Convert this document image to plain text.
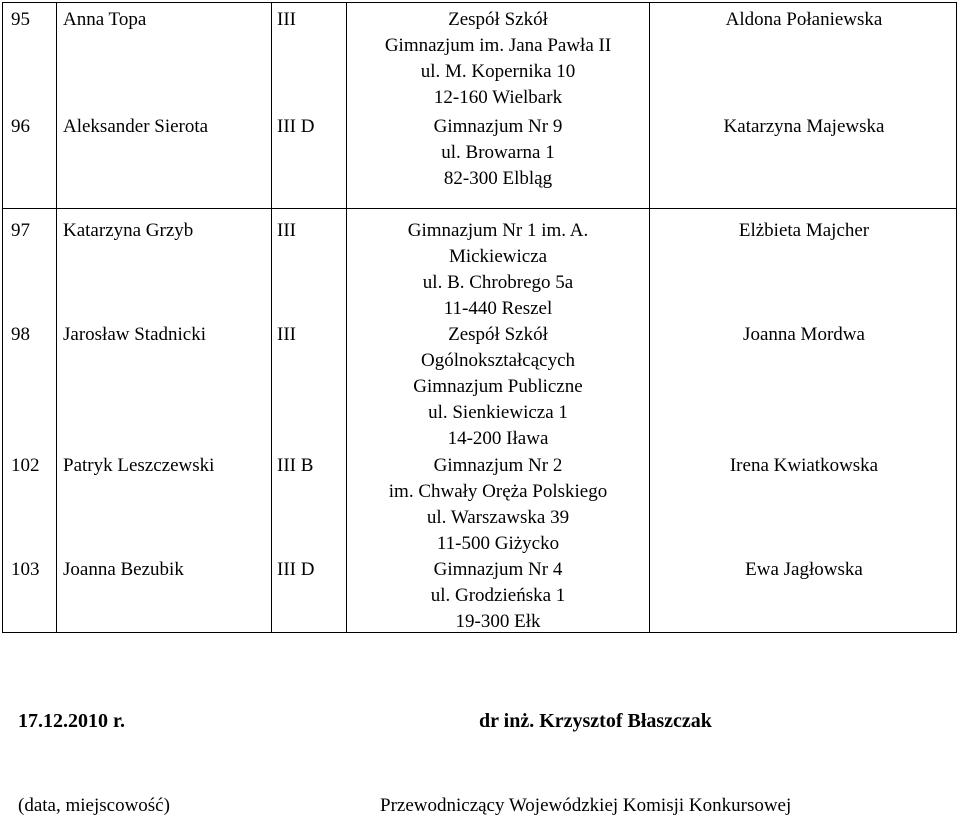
95 Anna Topa	III	Zespół Szkół
Gimnazjum im. Jana Pawła II
ul. M. Kopernika 10
12-160 Wielbark
Aldona Połaniewska
96 Aleksander Sierota	III D	Gimnazjum Nr 9
ul. Browarna 1
82-300 Elbląg
Katarzyna Majewska
97 Katarzyna Grzyb	III	Gimnazjum Nr 1 im. A.
Mickiewicza
ul. B. Chrobrego 5a
11-440 Reszel
Elżbieta Majcher
98 Jarosław Stadnicki	III	Zespół Szkół
Ogólnokształcących
Gimnazjum Publiczne
ul. Sienkiewicza 1
14-200 Iława
Joanna Mordwa
102 Patryk Leszczewski	III B	Gimnazjum Nr 2
im. Chwały Oręża Polskiego
ul. Warszawska 39
11-500 Giżycko
Irena Kwiatkowska
103 Joanna Bezubik	III D	Gimnazjum Nr 4
ul. Grodzieńska 1
19-300 Ełk
Ewa Jagłowska
17.12.2010 r.	dr inż. Krzysztof Błaszczak
(data, miejscowość)	Przewodniczący Wojewódzkiej Komisji Konkursowej
